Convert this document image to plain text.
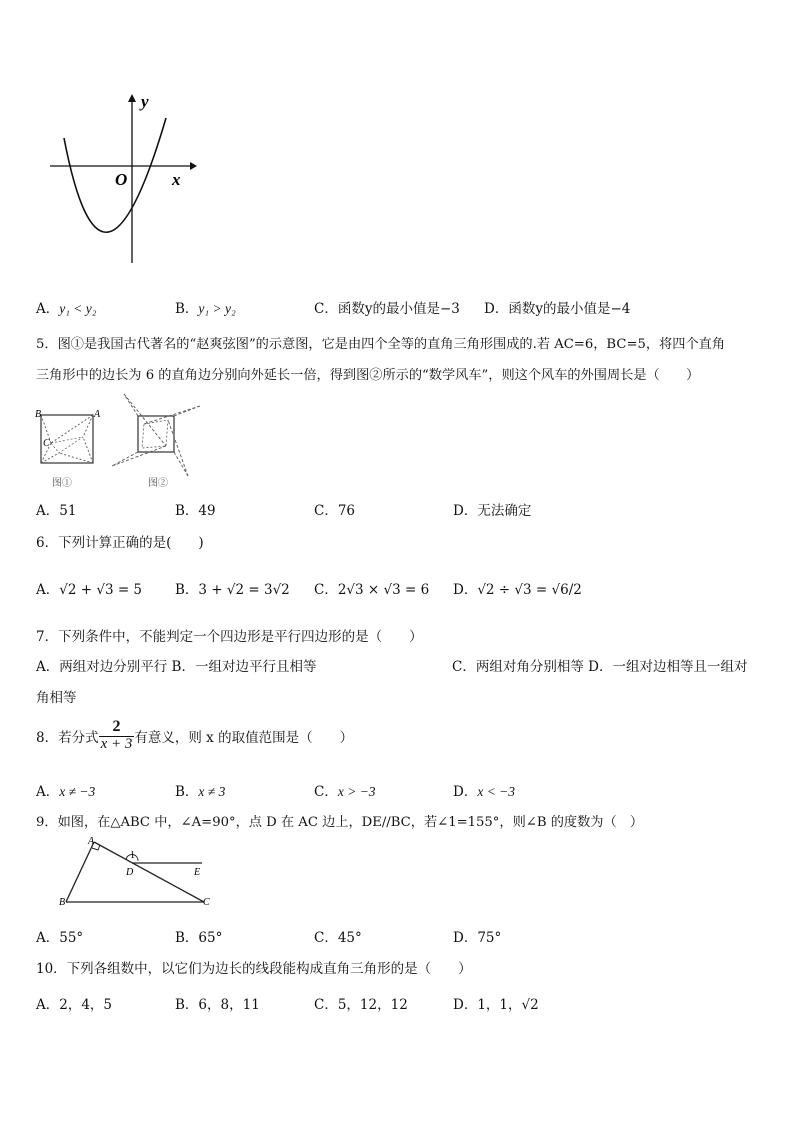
y
x
O
A．y₁ < y₂	B．y₁ > y₂	C．函数y的最小值是−3 D．函数y的最小值是−4
5．图①是我国古代著名的“赵爽弦图”的示意图，它是由四个全等的直角三角形围成的.若 AC=6，BC=5，将四个直角
三角形中的边长为 6 的直角边分别向外延长一倍，得到图②所示的“数学风车”，则这个风车的外围周长是（　　）
B	A
C
图①	图②
A．51	B．49	C．76	D．无法确定
6．下列计算正确的是(　　)
A．√2 + √3 = 5 B．3 + √2 = 3√2 C．2√3 × √3 = 6 D．√2 ÷ √3 = √6/2
7．下列条件中，不能判定一个四边形是平行四边形的是（　　）
A．两组对边分别平行 B．一组对边平行且相等	C．两组对角分别相等 D．一组对边相等且一组对
角相等
8．若分式 $\frac{2}{x + 3}$ 有意义，则 x 的取值范围是（　　）
A．x ≠ −3	B．x ≠ 3	C．x > −3	D．x < −3
9．如图，在△ABC 中，∠A=90°，点 D 在 AC 边上，DE//BC，若∠1=155°，则∠B 的度数为（　）
A
B	C
D	E
1
A．55°	B．65°	C．45°	D．75°
10．下列各组数中，以它们为边长的线段能构成直角三角形的是（　　）
A．2，4，5	B．6，8，11	C．5，12，12	D．1，1，√2
